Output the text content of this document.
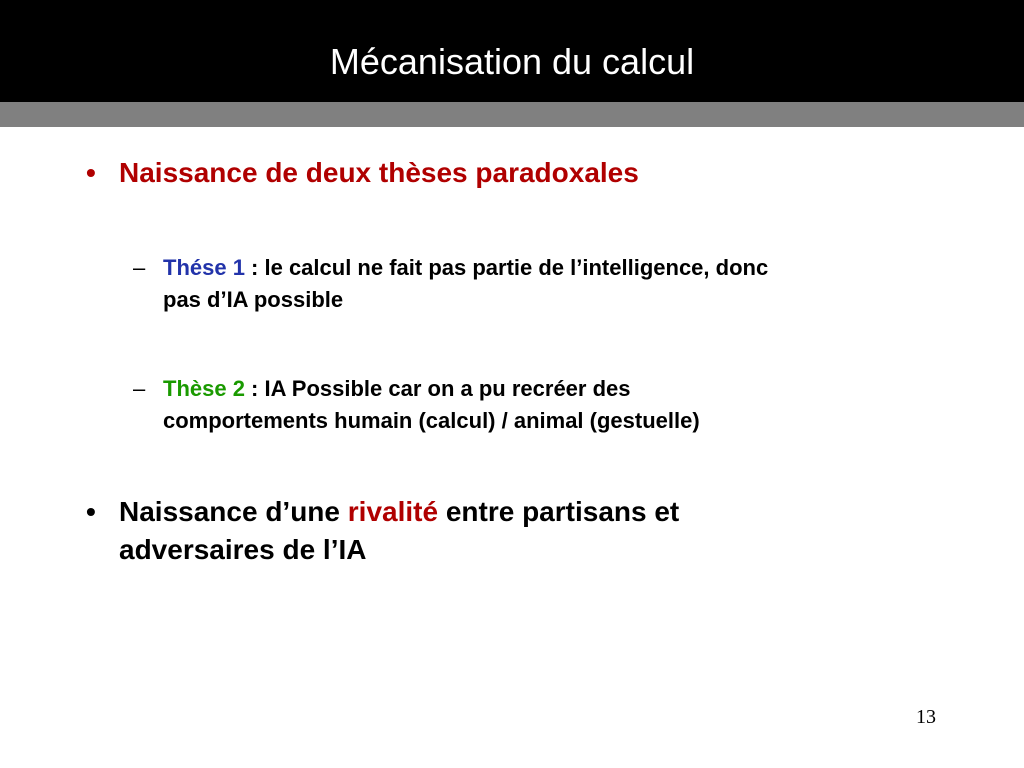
Mécanisation du calcul
• Naissance de deux thèses paradoxales
– Thése 1 : le calcul ne fait pas partie de l’intelligence, donc
pas d’IA possible
– Thèse 2 : IA Possible car on a pu recréer des
comportements humain (calcul) / animal (gestuelle)
• Naissance d’une rivalité entre partisans et
adversaires de l’IA
13
